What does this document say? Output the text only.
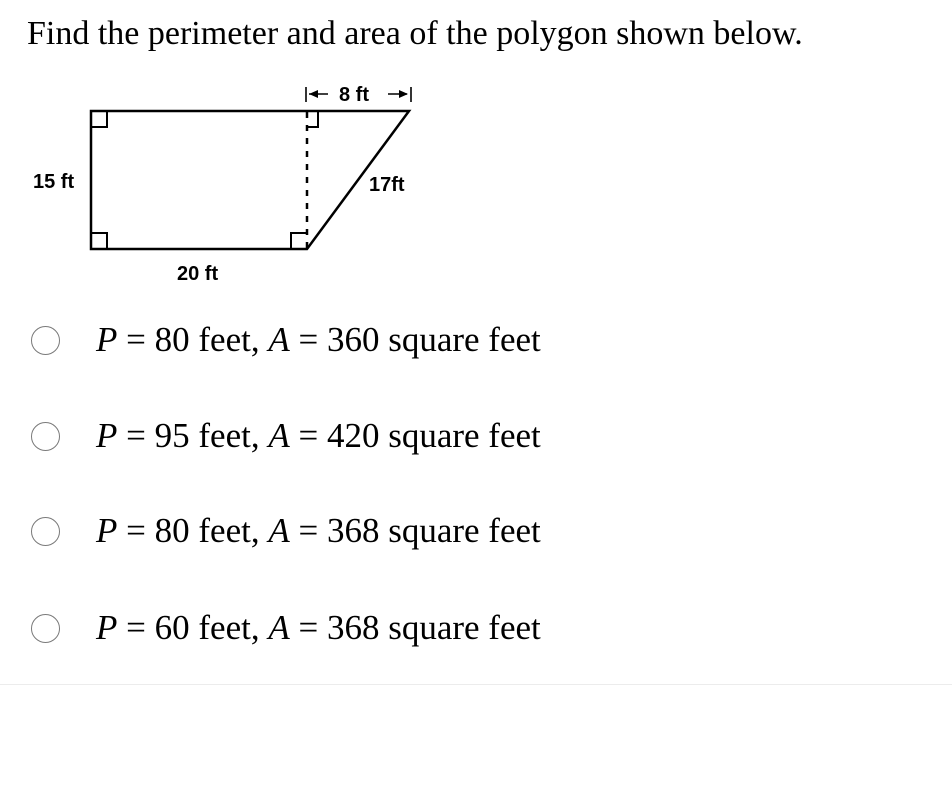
Find the perimeter and area of the polygon shown below.
8 ft
15 ft	17ft
20 ft
P = 80 feet, A = 360 square feet
P = 95 feet, A = 420 square feet
P = 80 feet, A = 368 square feet
P = 60 feet, A = 368 square feet
